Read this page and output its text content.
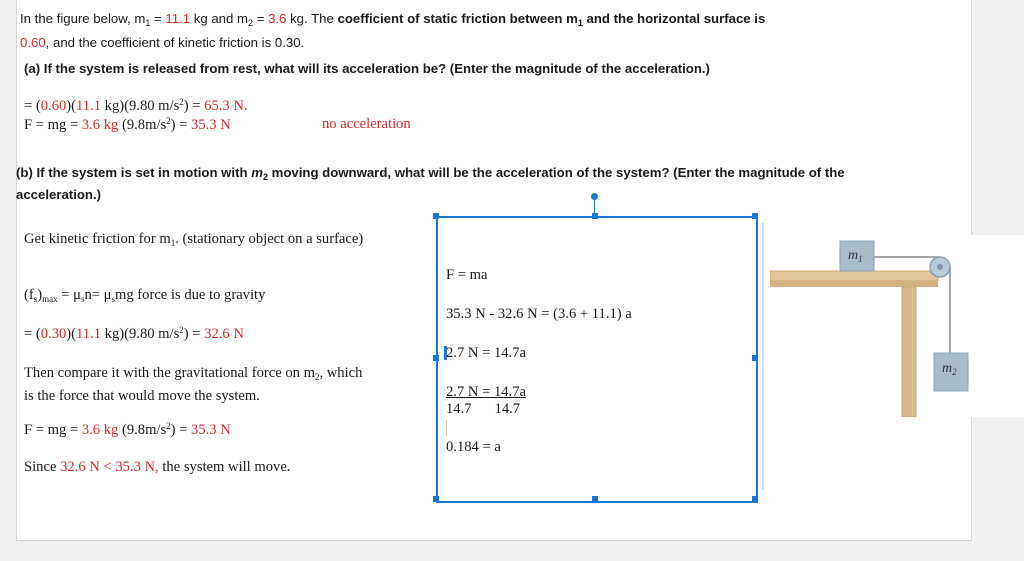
In the figure below, $m_1 = 11.1$ kg and $m_2 = 3.6$ kg. The coefficient of static friction between $m_1$ and the horizontal surface is
0.60, and the coefficient of kinetic friction is 0.30.
(a) If the system is released from rest, what will its acceleration be? (Enter the magnitude of the acceleration.)
= (0.60)(11.1 kg)(9.80 $m/s^2) = 65.3$ N.
F = mg = 3.6 kg $(9.8m/s^2) = 35.3$ N	no acceleration
(b) If the system is set in motion with $m_2$ moving downward, what will be the acceleration of the system? (Enter the magnitude of the acceleration.)
Get kinetic friction for $m_1$. (stationary object on a surface)
$(f_s)_{max} = \mu_sn= \mu_smg$ force is due to gravity
= (0.30)(11.1 kg)(9.80 $m/s^2) = 32.6$ N
Then compare it with the gravitational force on $m_2$, which is the force that would move the system.
F = mg = 3.6 kg $(9.8m/s^2) = 35.3$ N
Since 32.6 N < 35.3 N, the system will move.
F = ma
35.3 N - 32.6 N = (3.6 + 11.1) a
2.7 N = 14.7a
2.7 N = 14.7a
14.7 14.7
0.184 = a
$m_1$
$m_2$
